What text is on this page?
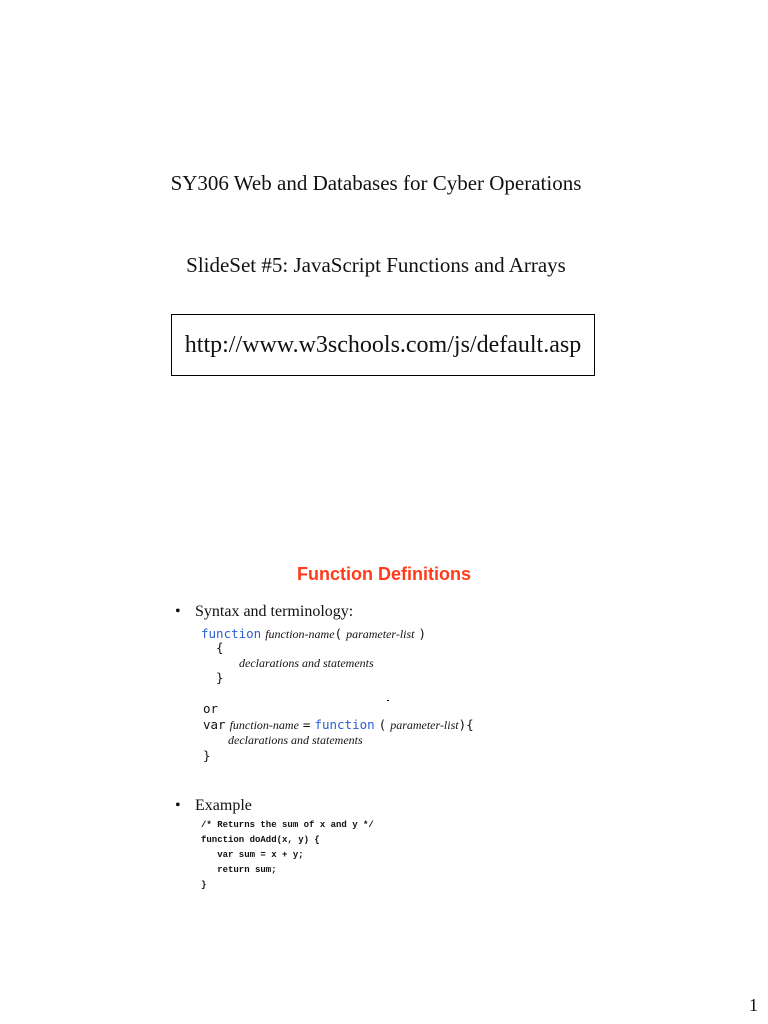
SY306 Web and Databases for Cyber Operations
SlideSet #5: JavaScript Functions and Arrays
http://www.w3schools.com/js/default.asp
Function Definitions
• Syntax and terminology:
function function-name( parameter-list )
{
declarations and statements
}
or
var function-name = function ( parameter-list){
declarations and statements
}
• Example
/* Returns the sum of x and y */
function doAdd(x, y) {
var sum = x + y;
return sum;
}
1
